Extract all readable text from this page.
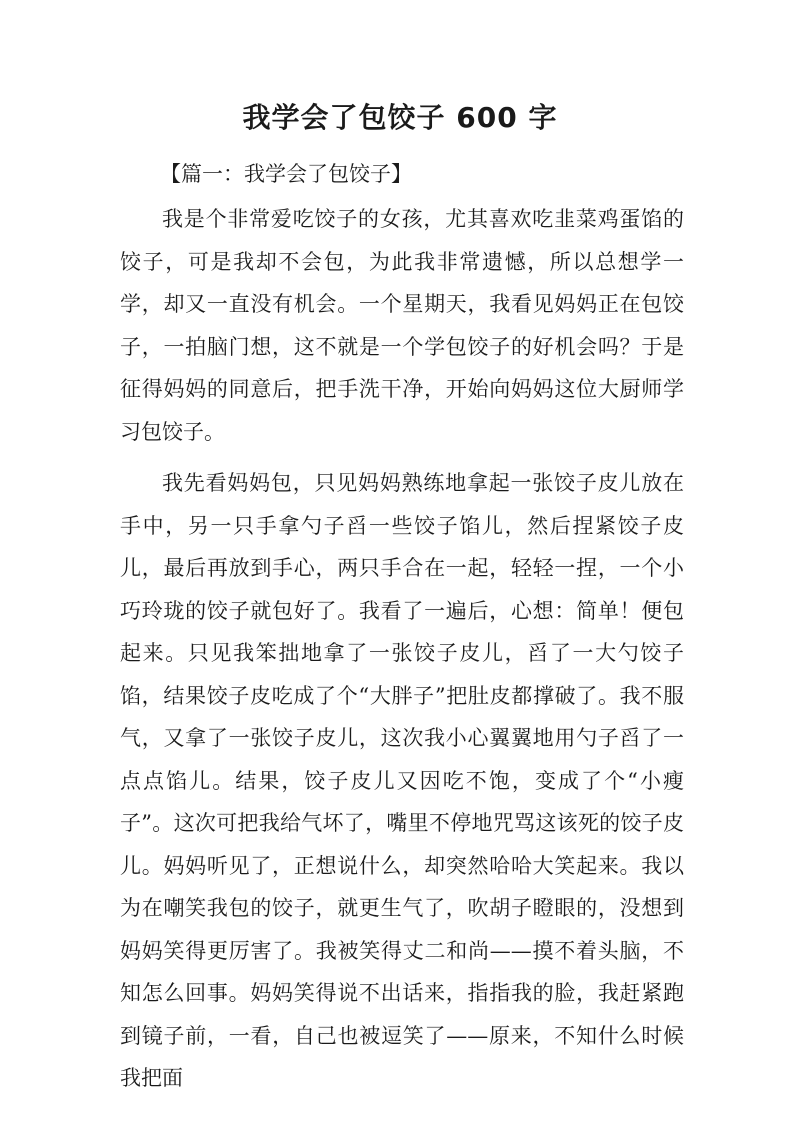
我学会了包饺子 600 字
【篇一：我学会了包饺子】

我是个非常爱吃饺子的女孩，尤其喜欢吃韭菜鸡蛋馅的饺子，可是我却不会包，为此我非常遗憾，所以总想学一学，却又一直没有机会。一个星期天，我看见妈妈正在包饺子，一拍脑门想，这不就是一个学包饺子的好机会吗？于是征得妈妈的同意后，把手洗干净，开始向妈妈这位大厨师学习包饺子。

我先看妈妈包，只见妈妈熟练地拿起一张饺子皮儿放在手中，另一只手拿勺子舀一些饺子馅儿，然后捏紧饺子皮儿，最后再放到手心，两只手合在一起，轻轻一捏，一个小巧玲珑的饺子就包好了。我看了一遍后，心想：简单！便包起来。只见我笨拙地拿了一张饺子皮儿，舀了一大勺饺子馅，结果饺子皮吃成了个“大胖子”把肚皮都撑破了。我不服气，又拿了一张饺子皮儿，这次我小心翼翼地用勺子舀了一点点馅儿。结果，饺子皮儿又因吃不饱，变成了个“小瘦子”。这次可把我给气坏了，嘴里不停地咒骂这该死的饺子皮儿。妈妈听见了，正想说什么，却突然哈哈大笑起来。我以为在嘲笑我包的饺子，就更生气了，吹胡子瞪眼的，没想到妈妈笑得更厉害了。我被笑得丈二和尚——摸不着头脑，不知怎么回事。妈妈笑得说不出话来，指指我的脸，我赶紧跑到镜子前，一看，自己也被逗笑了——原来，不知什么时候我把面
